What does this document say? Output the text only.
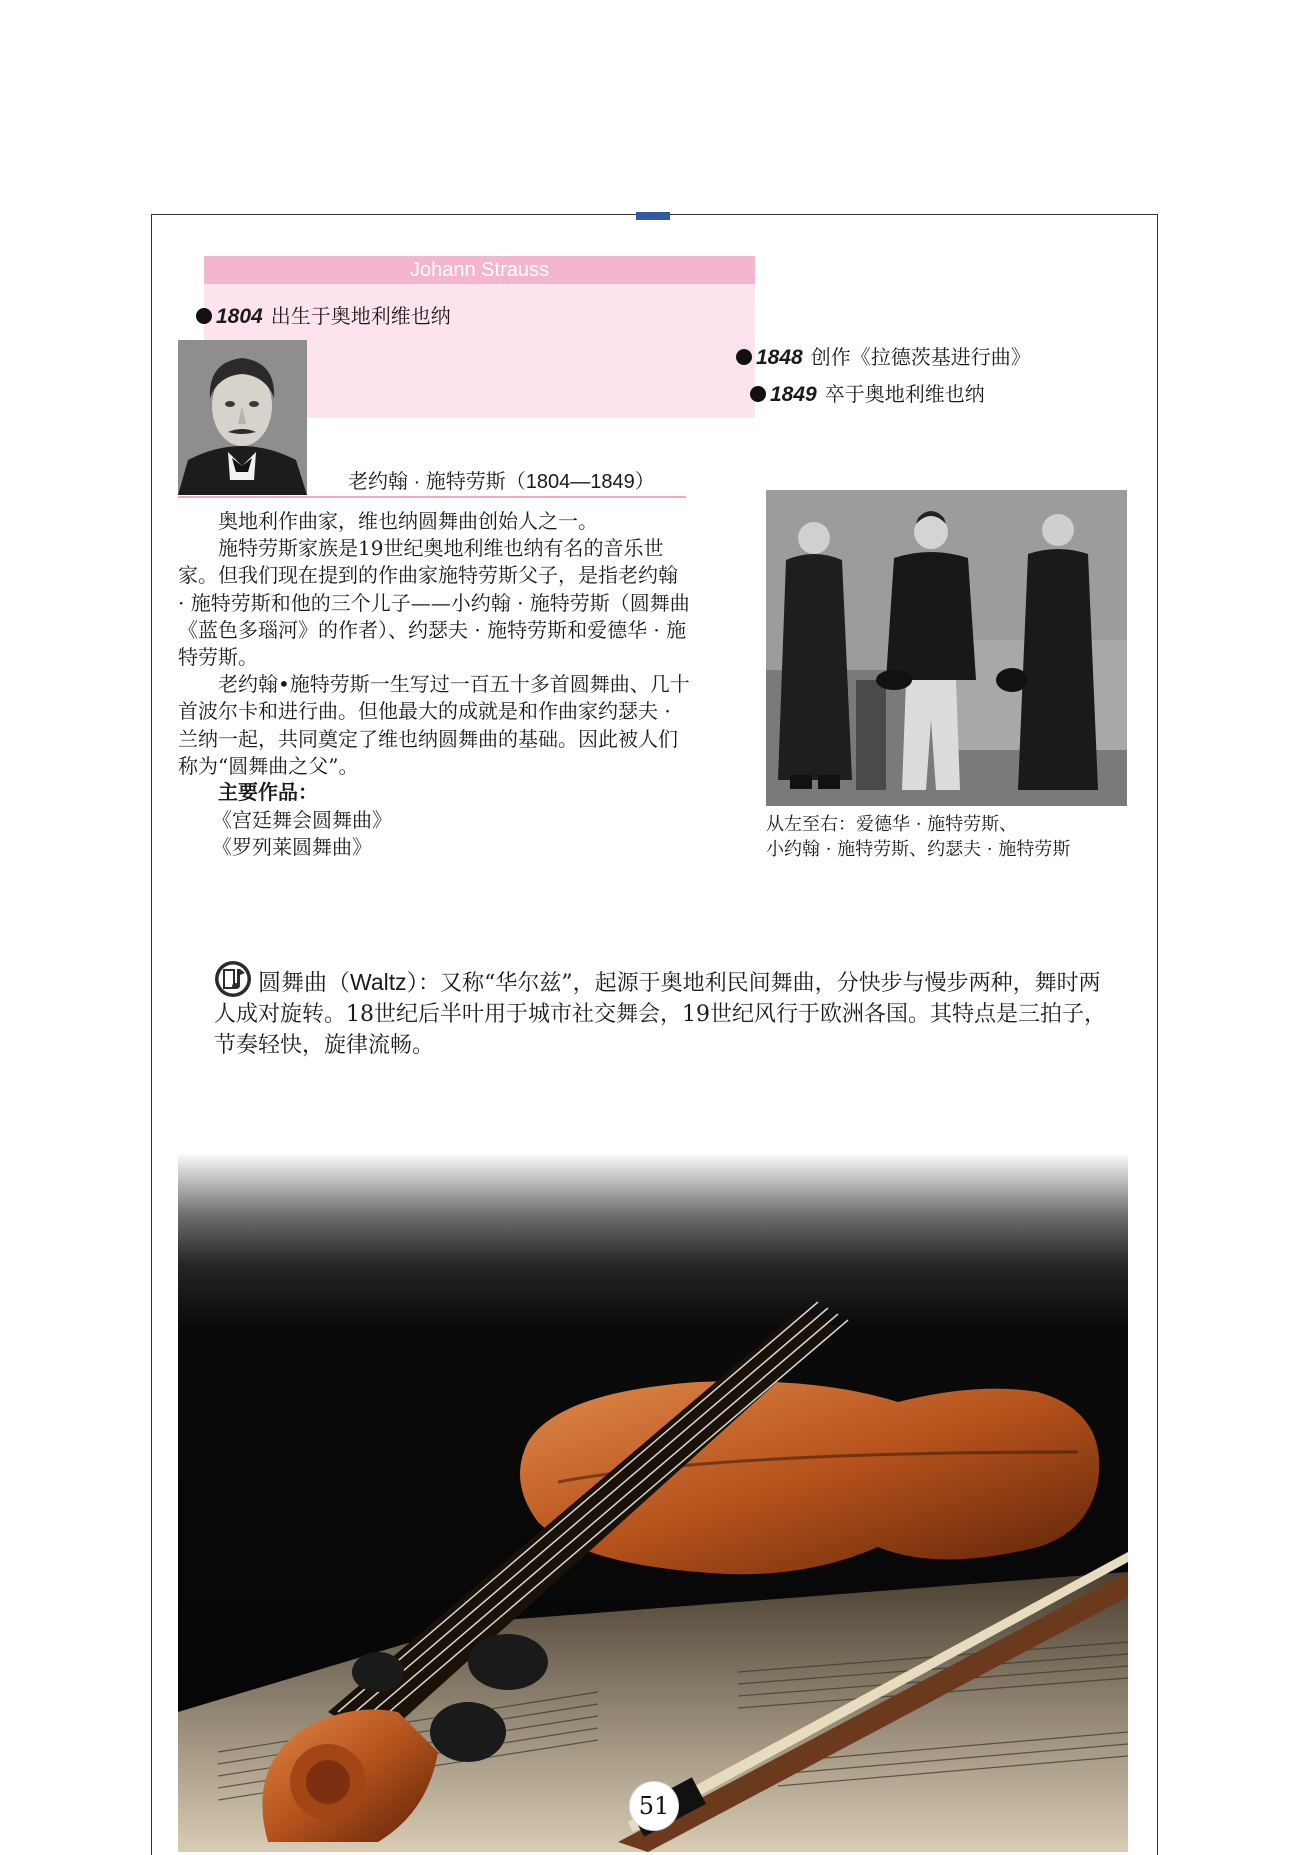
Johann Strauss
1804 出生于奥地利维也纳
1848 创作《拉德茨基进行曲》
1849 卒于奥地利维也纳
老约翰 · 施特劳斯（1804—1849）

奥地利作曲家，维也纳圆舞曲创始人之一。

施特劳斯家族是19世纪奥地利维也纳有名的音乐世家。但我们现在提到的作曲家施特劳斯父子，是指老约翰 · 施特劳斯和他的三个儿子——小约翰 · 施特劳斯（圆舞曲《蓝色多瑙河》的作者）、约瑟夫 · 施特劳斯和爱德华 · 施特劳斯。

老约翰•施特劳斯一生写过一百五十多首圆舞曲、几十首波尔卡和进行曲。但他最大的成就是和作曲家约瑟夫 · 兰纳一起，共同奠定了维也纳圆舞曲的基础。因此被人们称为“圆舞曲之父”。

主要作品：

《宫廷舞会圆舞曲》

《罗列莱圆舞曲》

从左至右：爱德华 · 施特劳斯、
小约翰 · 施特劳斯、约瑟夫 · 施特劳斯
圆舞曲（Waltz）：又称“华尔兹”，起源于奥地利民间舞曲，分快步与慢步两种，舞时两人成对旋转。18世纪后半叶用于城市社交舞会，19世纪风行于欧洲各国。其特点是三拍子，节奏轻快，旋律流畅。
51
